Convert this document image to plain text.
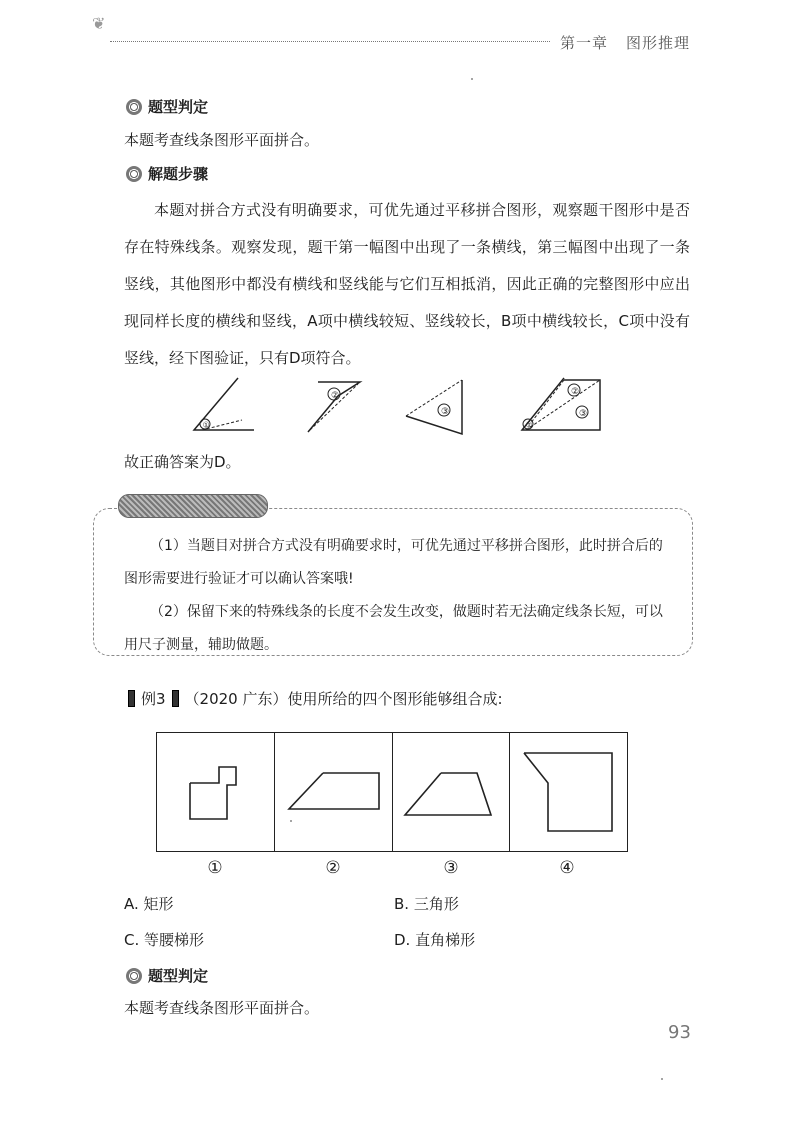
❦
第一章 图形推理
题型判定

本题考查线条图形平面拼合。

解题步骤

本题对拼合方式没有明确要求，可优先通过平移拼合图形，观察题干图形中是否存在特殊线条。观察发现，题干第一幅图中出现了一条横线，第三幅图中出现了一条竖线，其他图形中都没有横线和竖线能与它们互相抵消，因此正确的完整图形中应出现同样长度的横线和竖线，A项中横线较短、竖线较长，B项中横线较长，C项中没有竖线，经下图验证，只有D项符合。

①
②
③
①
②
③

故正确答案为D。

（1）当题目对拼合方式没有明确要求时，可优先通过平移拼合图形，此时拼合后的图形需要进行验证才可以确认答案哦!

（2）保留下来的特殊线条的长度不会发生改变，做题时若无法确定线条长短，可以用尺子测量，辅助做题。

例3 （2020 广东） 使用所给的四个图形能够组合成:
①	②	③	④
A. 矩形	B. 三角形
C. 等腰梯形	D. 直角梯形
题型判定

本题考查线条图形平面拼合。

93
